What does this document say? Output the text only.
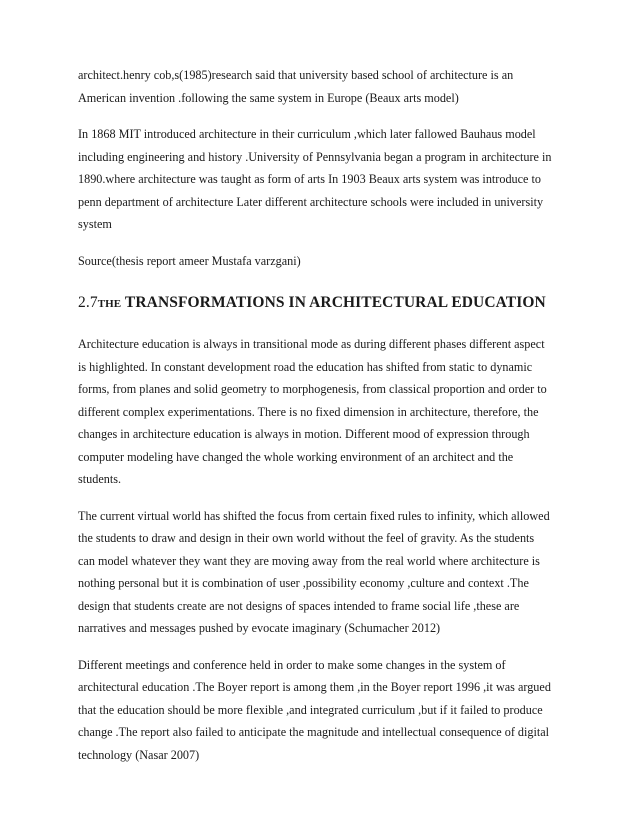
architect.henry cob,s(1985)research said that university based school of architecture is an
American invention .following the same system in Europe (Beaux arts model)

In 1868 MIT introduced architecture in their curriculum ,which later fallowed Bauhaus model
including engineering and history .University of Pennsylvania began a program in architecture in
1890.where architecture was taught as form of arts In 1903 Beaux arts system was introduce to
penn department of architecture Later different architecture schools were included in university
system

Source(thesis report ameer Mustafa varzgani)

2.7THE TRANSFORMATIONS IN ARCHITECTURAL EDUCATION

Architecture education is always in transitional mode as during different phases different aspect
is highlighted. In constant development road the education has shifted from static to dynamic
forms, from planes and solid geometry to morphogenesis, from classical proportion and order to
different complex experimentations. There is no fixed dimension in architecture, therefore, the
changes in architecture education is always in motion. Different mood of expression through
computer modeling have changed the whole working environment of an architect and the
students.

The current virtual world has shifted the focus from certain fixed rules to infinity, which allowed
the students to draw and design in their own world without the feel of gravity. As the students
can model whatever they want they are moving away from the real world where architecture is
nothing personal but it is combination of user ,possibility economy ,culture and context .The
design that students create are not designs of spaces intended to frame social life ,these are
narratives and messages pushed by evocate imaginary (Schumacher 2012)

Different meetings and conference held in order to make some changes in the system of
architectural education .The Boyer report is among them ,in the Boyer report 1996 ,it was argued
that the education should be more flexible ,and integrated curriculum ,but if it failed to produce
change .The report also failed to anticipate the magnitude and intellectual consequence of digital
technology (Nasar 2007)
